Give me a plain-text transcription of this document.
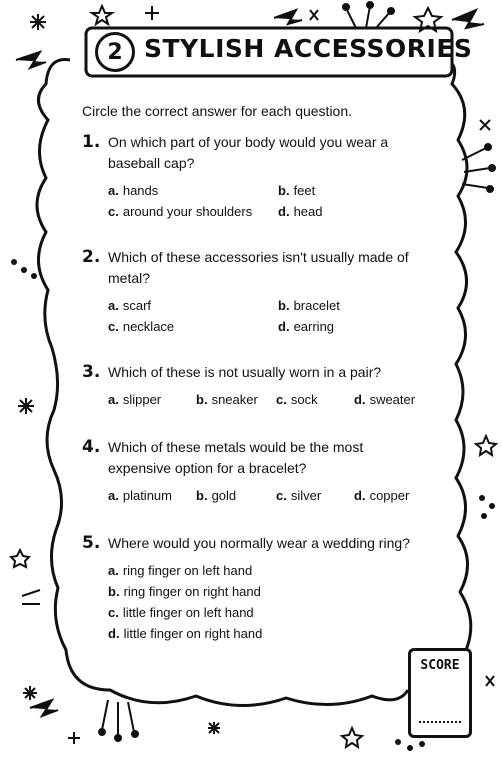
2 STYLISH ACCESSORIES
Circle the correct answer for each question.
1. On which part of your body would you wear a baseball cap?
a. hands	b. feet
c. around your shoulders	d. head
2. Which of these accessories isn't usually made of metal?
a. scarf	b. bracelet
c. necklace	d. earring
3. Which of these is not usually worn in a pair?
a. slipper	b. sneaker	c. sock	d. sweater
4. Which of these metals would be the most expensive option for a bracelet?
a. platinum	b. gold	c. silver	d. copper
5. Where would you normally wear a wedding ring?
a. ring finger on left hand
b. ring finger on right hand
c. little finger on left hand
d. little finger on right hand
SCORE
